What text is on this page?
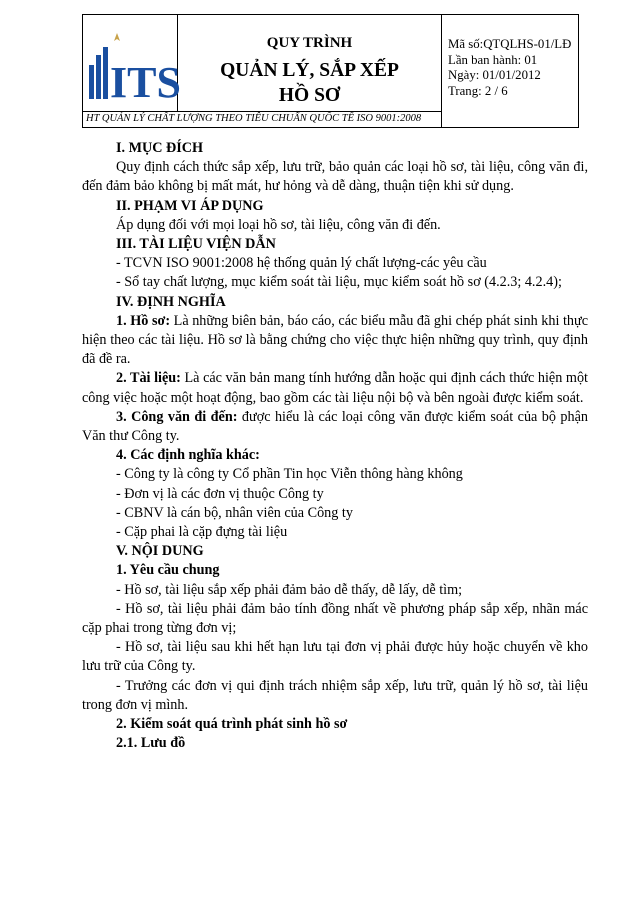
ITS
QUY TRÌNH
QUẢN LÝ, SẮP XẾP
HỒ SƠ
Mã số:QTQLHS-01/LĐ
Lần ban hành: 01
Ngày: 01/01/2012
Trang: 2 / 6
HT QUẢN LÝ CHẤT LƯỢNG THEO TIÊU CHUẨN QUỐC TẾ ISO 9001:2008

I. MỤC ĐÍCH

Quy định cách thức sắp xếp, lưu trữ, bảo quản các loại hồ sơ, tài liệu, công văn đi, đến đảm bảo không bị mất mát, hư hỏng và dễ dàng, thuận tiện khi sử dụng.

II. PHẠM VI ÁP DỤNG

Áp dụng đối với mọi loại hồ sơ, tài liệu, công văn đi đến.

III. TÀI LIỆU VIỆN DẪN

- TCVN ISO 9001:2008 hệ thống quản lý chất lượng-các yêu cầu

- Sổ tay chất lượng, mục kiểm soát tài liệu, mục kiểm soát hồ sơ (4.2.3; 4.2.4);

IV. ĐỊNH NGHĨA

1. Hồ sơ: Là những biên bản, báo cáo, các biểu mẫu đã ghi chép phát sinh khi thực hiện theo các tài liệu. Hồ sơ là bằng chứng cho việc thực hiện những quy trình, quy định đã đề ra.

2. Tài liệu: Là các văn bản mang tính hướng dẫn hoặc qui định cách thức hiện một công việc hoặc một hoạt động, bao gồm các tài liệu nội bộ và bên ngoài được kiểm soát.

3. Công văn đi đến: được hiểu là các loại công văn được kiểm soát của bộ phận Văn thư Công ty.

4. Các định nghĩa khác:

- Công ty là công ty Cổ phần Tin học Viễn thông hàng không

- Đơn vị là các đơn vị thuộc Công ty

- CBNV là cán bộ, nhân viên của Công ty

- Cặp phai là cặp đựng tài liệu

V. NỘI DUNG

1. Yêu cầu chung

- Hồ sơ, tài liệu sắp xếp phải đảm bảo dễ thấy, dễ lấy, dễ tìm;

- Hồ sơ, tài liệu phải đảm bảo tính đồng nhất về phương pháp sắp xếp, nhãn mác cặp phai trong từng đơn vị;

- Hồ sơ, tài liệu sau khi hết hạn lưu tại đơn vị phải được hủy hoặc chuyển về kho lưu trữ của Công ty.

- Trưởng các đơn vị qui định trách nhiệm sắp xếp, lưu trữ, quản lý hồ sơ, tài liệu trong đơn vị mình.

2. Kiểm soát quá trình phát sinh hồ sơ

2.1. Lưu đồ
